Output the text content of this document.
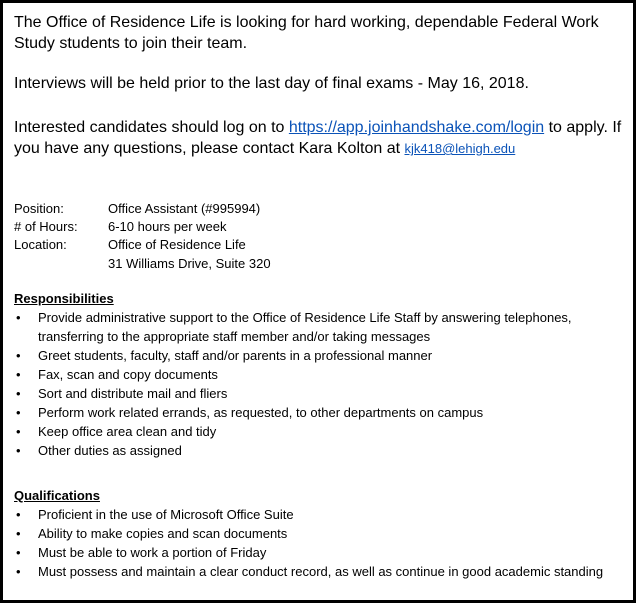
The Office of Residence Life is looking for hard working, dependable Federal Work Study students to join their team.
Interviews will be held prior to the last day of final exams - May 16, 2018.
Interested candidates should log on to https://app.joinhandshake.com/login to apply. If you have any questions, please contact Kara Kolton at kjk418@lehigh.edu
Position:	Office Assistant (#995994)
# of Hours: 6-10 hours per week
Location:	Office of Residence Life
31 Williams Drive, Suite 320
Responsibilities
•	Provide administrative support to the Office of Residence Life Staff by answering telephones, transferring to the appropriate staff member and/or taking messages
•	Greet students, faculty, staff and/or parents in a professional manner
•	Fax, scan and copy documents
•	Sort and distribute mail and fliers
•	Perform work related errands, as requested, to other departments on campus
•	Keep office area clean and tidy
•	Other duties as assigned
Qualifications
•	Proficient in the use of Microsoft Office Suite
•	Ability to make copies and scan documents
•	Must be able to work a portion of Friday
•	Must possess and maintain a clear conduct record, as well as continue in good academic standing
